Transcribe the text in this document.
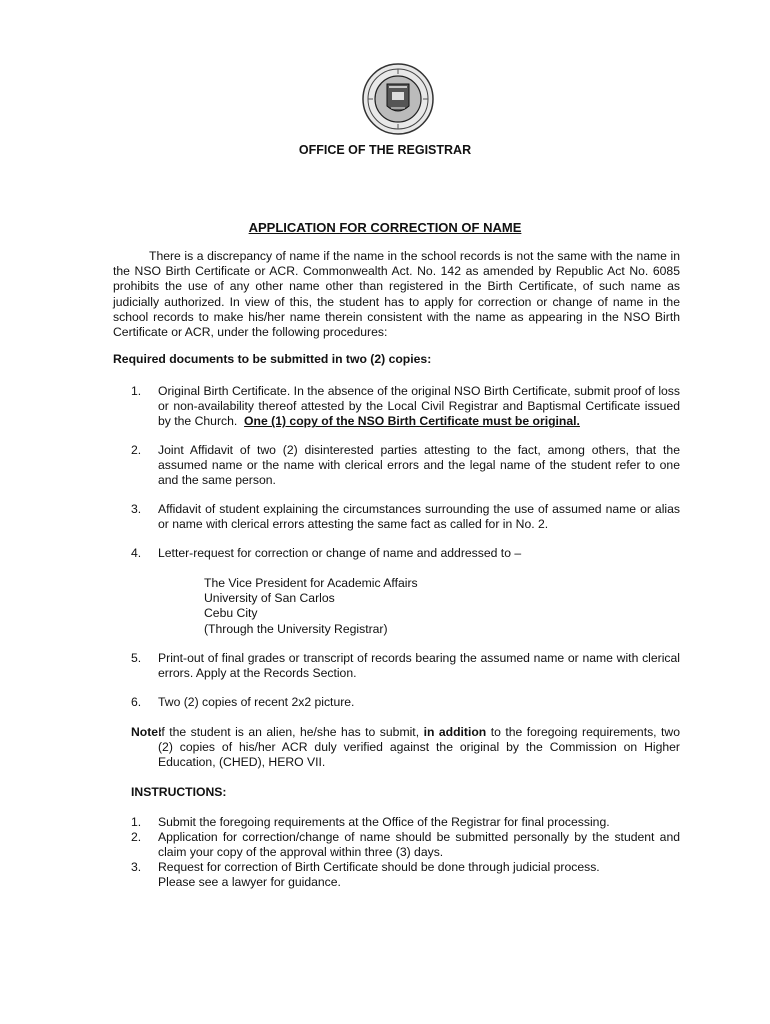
OFFICE OF THE REGISTRAR
APPLICATION FOR CORRECTION OF NAME
There is a discrepancy of name if the name in the school records is not the same with the name in the NSO Birth Certificate or ACR. Commonwealth Act. No. 142 as amended by Republic Act No. 6085 prohibits the use of any other name other than registered in the Birth Certificate, of such name as judicially authorized. In view of this, the student has to apply for correction or change of name in the school records to make his/her name therein consistent with the name as appearing in the NSO Birth Certificate or ACR, under the following procedures:
Required documents to be submitted in two (2) copies:
1. Original Birth Certificate. In the absence of the original NSO Birth Certificate, submit proof of loss or non-availability thereof attested by the Local Civil Registrar and Baptismal Certificate issued by the Church. One (1) copy of the NSO Birth Certificate must be original.
2. Joint Affidavit of two (2) disinterested parties attesting to the fact, among others, that the assumed name or the name with clerical errors and the legal name of the student refer to one and the same person.
3. Affidavit of student explaining the circumstances surrounding the use of assumed name or alias or name with clerical errors attesting the same fact as called for in No. 2.
4. Letter-request for correction or change of name and addressed to –
The Vice President for Academic Affairs
University of San Carlos
Cebu City
(Through the University Registrar)
5. Print-out of final grades or transcript of records bearing the assumed name or name with clerical errors. Apply at the Records Section.
6. Two (2) copies of recent 2x2 picture.
Note:
If the student is an alien, he/she has to submit, in addition to the foregoing requirements, two (2) copies of his/her ACR duly verified against the original by the Commission on Higher Education, (CHED), HERO VII.
INSTRUCTIONS:
1. Submit the foregoing requirements at the Office of the Registrar for final processing.
2. Application for correction/change of name should be submitted personally by the student and claim your copy of the approval within three (3) days.
3. Request for correction of Birth Certificate should be done through judicial process.
Please see a lawyer for guidance.
